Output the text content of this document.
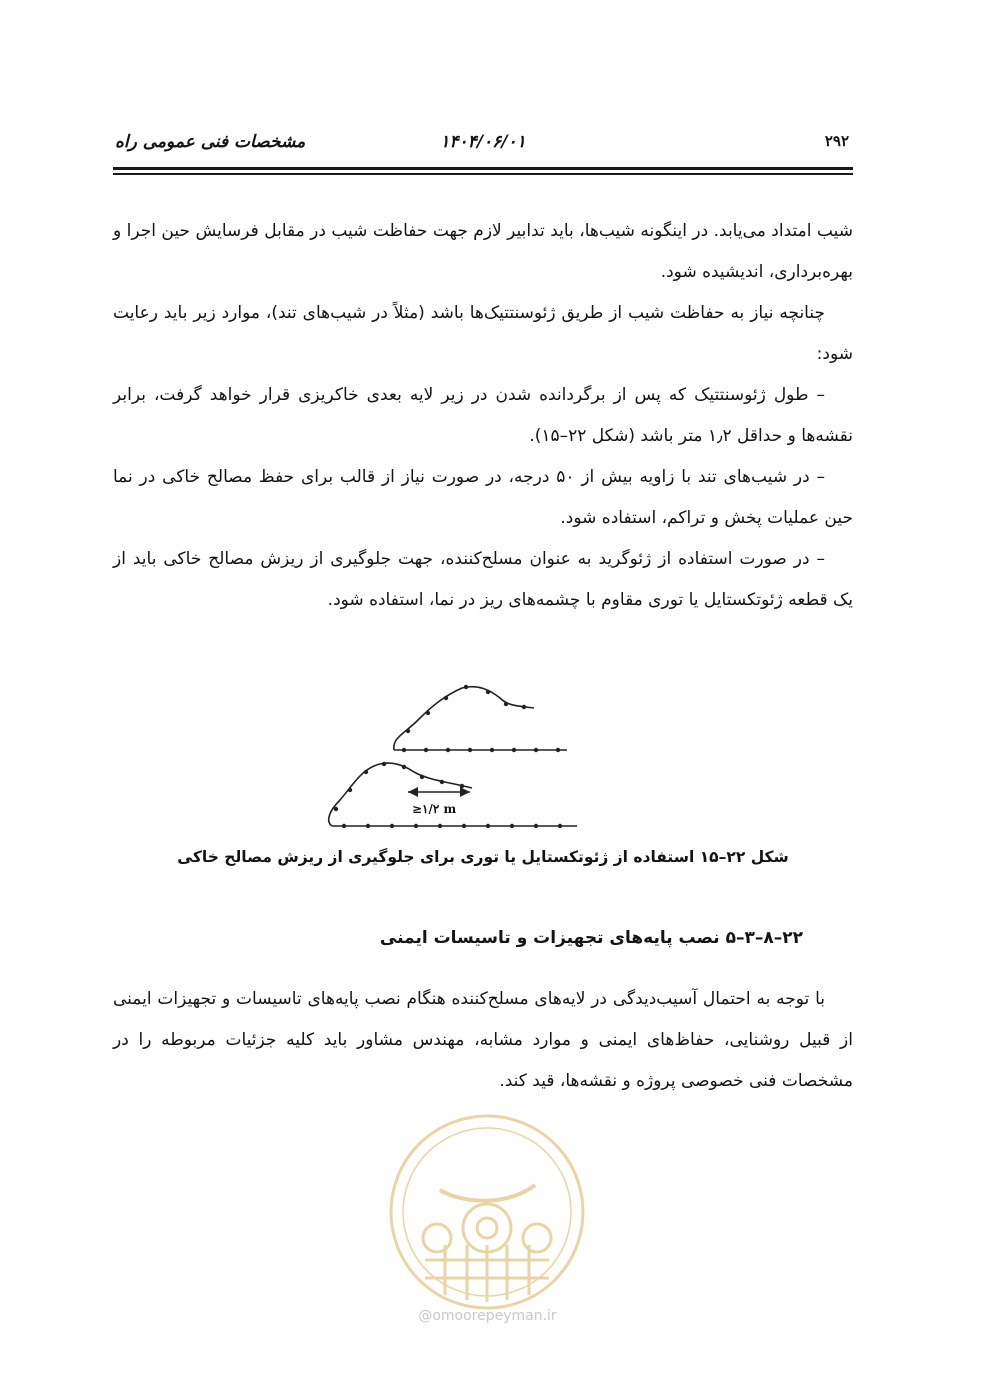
۲۹۲
۱۴۰۴/۰۶/۰۱
مشخصات فنی عمومی راه

شیب امتداد می‌یابد. در اینگونه شیب‌ها، باید تدابیر لازم جهت حفاظت شیب در مقابل فرسایش حین اجرا و بهره‌برداری، اندیشیده شود.

چنانچه نیاز به حفاظت شیب از طریق ژئوسنتتیک‌ها باشد (مثلاً در شیب‌های تند)، موارد زیر باید رعایت شود:

– طول ژئوسنتتیک که پس از برگردانده شدن در زیر لایه بعدی خاکریزی قرار خواهد گرفت، برابر نقشه‌ها و حداقل ۱٫۲ متر باشد (شکل ۲۲–۱۵).

– در شیب‌های تند با زاویه بیش از ۵۰ درجه، در صورت نیاز از قالب برای حفظ مصالح خاکی در نما حین عملیات پخش و تراکم، استفاده شود.

– در صورت استفاده از ژئوگرید به عنوان مسلح‌کننده، جهت جلوگیری از ریزش مصالح خاکی باید از یک قطعه ژئوتکستایل یا توری مقاوم با چشمه‌های ریز در نما، استفاده شود.

≥۱/۲ m
شکل ۲۲–۱۵ استفاده از ژئوتکستایل یا توری برای جلوگیری از ریزش مصالح خاکی
۲۲–۸–۳–۵ نصب پایه‌های تجهیزات و تاسیسات ایمنی

با توجه به احتمال آسیب‌دیدگی در لایه‌های مسلح‌کننده هنگام نصب پایه‌های تاسیسات و تجهیزات ایمنی از قبیل روشنایی، حفاظ‌های ایمنی و موارد مشابه، مهندس مشاور باید کلیه جزئیات مربوطه را در مشخصات فنی خصوصی پروژه و نقشه‌ها، قید کند.

@omoorepeyman.ir
